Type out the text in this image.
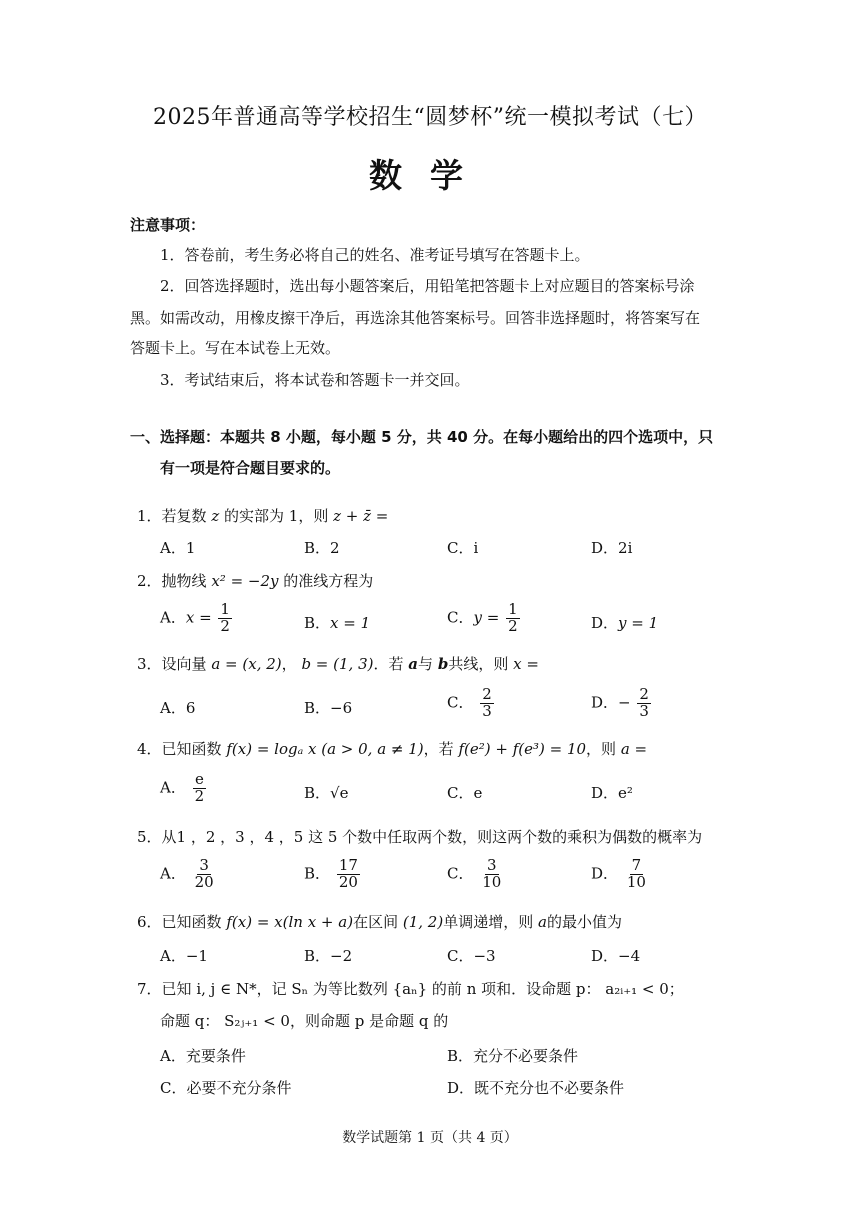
2025年普通高等学校招生“圆梦杯”统一模拟考试（七）
数学
注意事项：
1．答卷前，考生务必将自己的姓名、准考证号填写在答题卡上。
2．回答选择题时，选出每小题答案后，用铅笔把答题卡上对应题目的答案标号涂
黑。如需改动，用橡皮擦干净后，再选涂其他答案标号。回答非选择题时，将答案写在
答题卡上。写在本试卷上无效。
3．考试结束后，将本试卷和答题卡一并交回。
一、选择题：本题共 8 小题，每小题 5 分，共 40 分。在每小题给出的四个选项中，只
有一项是符合题目要求的。
1．若复数 z 的实部为 1，则 z + z̄ =
A．1	B．2	C．i	D．2i
2．抛物线 x² = −2y 的准线方程为
A．$x = \frac{1}{2}$	B．x = 1	C．$y = \frac{1}{2}$	D．y = 1
3．设向量 a = (x, 2)， b = (1, 3)．若 a与 b共线，则 x =
A．6	B．−6	C． $\frac{2}{3}$	D．− $\frac{2}{3}$
4．已知函数 f(x) = logₐ x (a > 0, a ≠ 1)，若 f(e²) + f(e³) = 10，则 a =
A． $\frac{e}{2}$	B．√e	C．e	D．e²
5．从1 ，2 ，3 ，4 ，5 这 5 个数中任取两个数，则这两个数的乘积为偶数的概率为
A． $\frac{3}{20}$	B． $\frac{17}{20}$	C． $\frac{3}{10}$	D． $\frac{7}{10}$
6．已知函数 f(x) = x(ln x + a)在区间 (1, 2)单调递增，则 a的最小值为
A．−1	B．−2	C．−3	D．−4
7．已知 i, j ∈ N*，记 Sₙ 为等比数列 {aₙ} 的前 n 项和．设命题 p： a₂ᵢ₊₁ < 0；
命题 q： S₂ⱼ₊₁ < 0，则命题 p 是命题 q 的
A．充要条件	B．充分不必要条件
C．必要不充分条件	D．既不充分也不必要条件
数学试题第 1 页（共 4 页）
